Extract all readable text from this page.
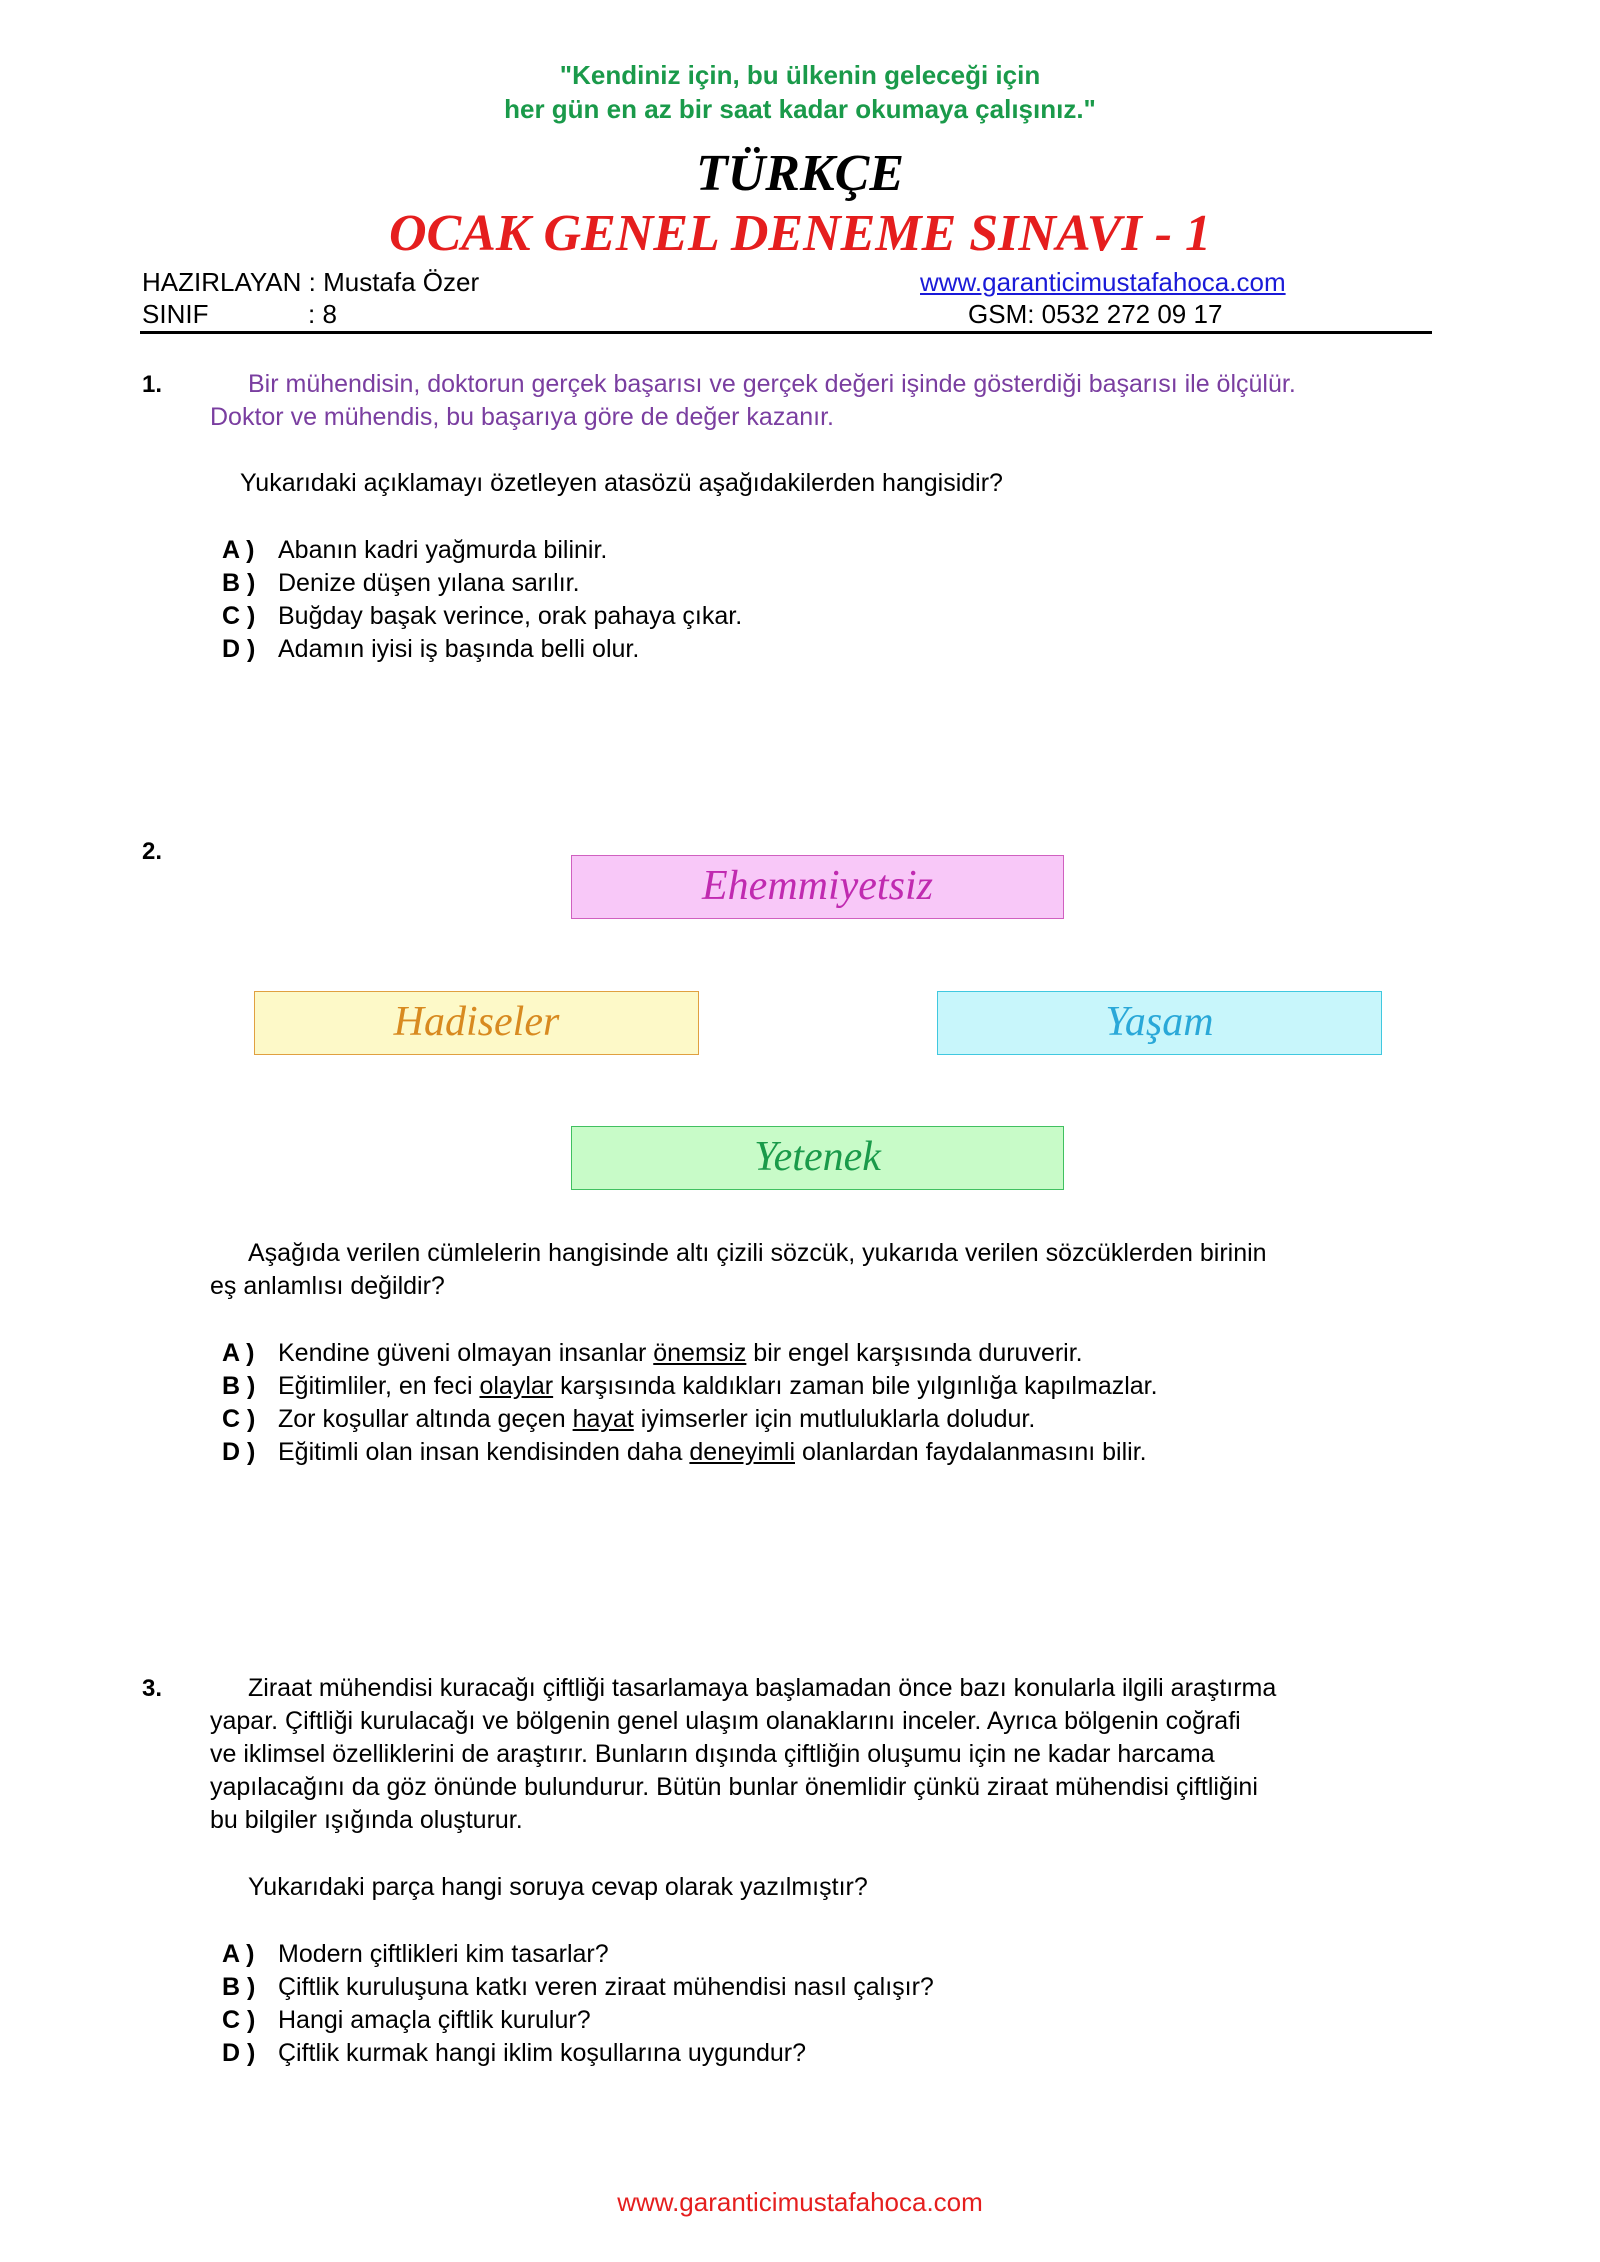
"Kendiniz için, bu ülkenin geleceği için
her gün en az bir saat kadar okumaya çalışınız."
TÜRKÇE
OCAK GENEL DENEME SINAVI - 1
HAZIRLAYAN : Mustafa Özer	www.garanticimustafahoca.com
SINIF	: 8	GSM: 0532 272 09 17
1.	Bir mühendisin, doktorun gerçek başarısı ve gerçek değeri işinde gösterdiği başarısı ile ölçülür.
Doktor ve mühendis, bu başarıya göre de değer kazanır.
Yukarıdaki açıklamayı özetleyen atasözü aşağıdakilerden hangisidir?
A ) Abanın kadri yağmurda bilinir.
B ) Denize düşen yılana sarılır.
C ) Buğday başak verince, orak pahaya çıkar.
D ) Adamın iyisi iş başında belli olur.
2.
Ehemmiyetsiz
Hadiseler	Yaşam
Yetenek
Aşağıda verilen cümlelerin hangisinde altı çizili sözcük, yukarıda verilen sözcüklerden birinin
eş anlamlısı değildir?
A ) Kendine güveni olmayan insanlar önemsiz bir engel karşısında duruverir.
B ) Eğitimliler, en feci olaylar karşısında kaldıkları zaman bile yılgınlığa kapılmazlar.
C ) Zor koşullar altında geçen hayat iyimserler için mutluluklarla doludur.
D ) Eğitimli olan insan kendisinden daha deneyimli olanlardan faydalanmasını bilir.
3.	Ziraat mühendisi kuracağı çiftliği tasarlamaya başlamadan önce bazı konularla ilgili araştırma
yapar. Çiftliği kurulacağı ve bölgenin genel ulaşım olanaklarını inceler. Ayrıca bölgenin coğrafi
ve iklimsel özelliklerini de araştırır. Bunların dışında çiftliğin oluşumu için ne kadar harcama
yapılacağını da göz önünde bulundurur. Bütün bunlar önemlidir çünkü ziraat mühendisi çiftliğini
bu bilgiler ışığında oluşturur.
Yukarıdaki parça hangi soruya cevap olarak yazılmıştır?
A ) Modern çiftlikleri kim tasarlar?
B ) Çiftlik kuruluşuna katkı veren ziraat mühendisi nasıl çalışır?
C ) Hangi amaçla çiftlik kurulur?
D ) Çiftlik kurmak hangi iklim koşullarına uygundur?
www.garanticimustafahoca.com
